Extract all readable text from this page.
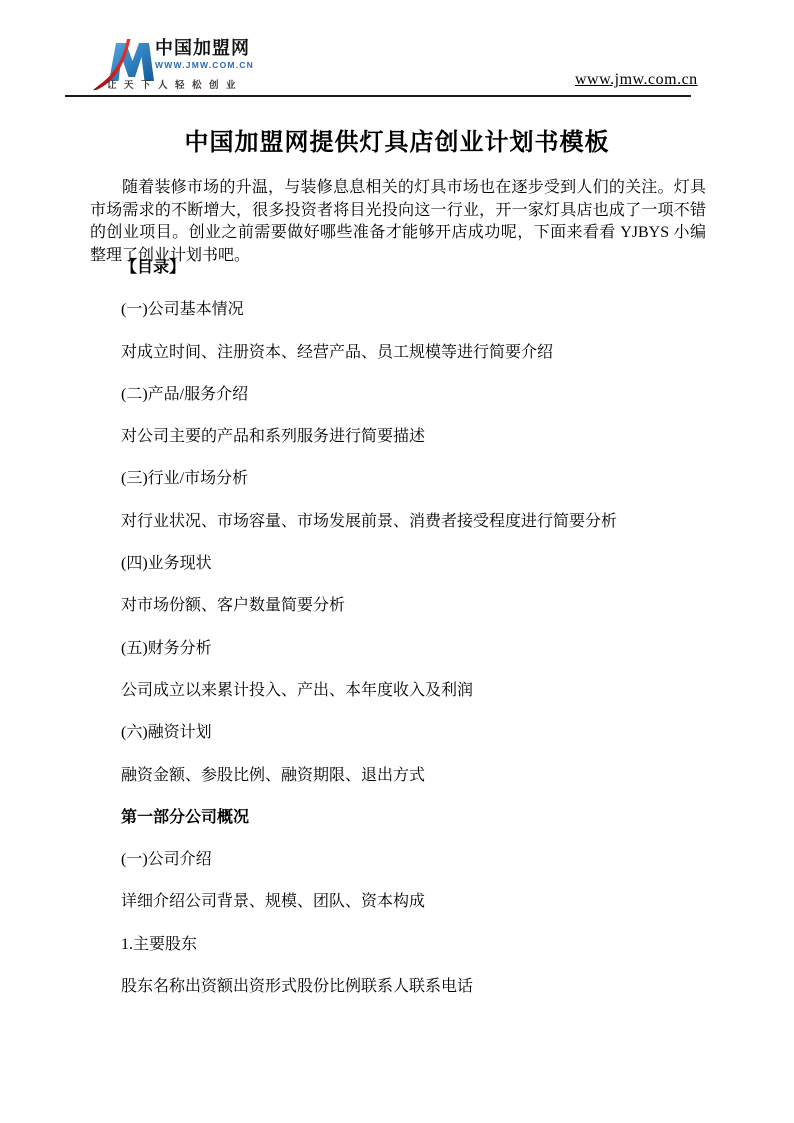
中国加盟网
WWW.JMW.COM.CN
让天下人轻松创业	www.jmw.com.cn
中国加盟网提供灯具店创业计划书模板

随着装修市场的升温，与装修息息相关的灯具市场也在逐步受到人们的关注。灯具市场需求的不断增大，很多投资者将目光投向这一行业，开一家灯具店也成了一项不错的创业项目。创业之前需要做好哪些准备才能够开店成功呢，下面来看看 YJBYS 小编整理了创业计划书吧。

【目录】

(一)公司基本情况

对成立时间、注册资本、经营产品、员工规模等进行简要介绍

(二)产品/服务介绍

对公司主要的产品和系列服务进行简要描述

(三)行业/市场分析

对行业状况、市场容量、市场发展前景、消费者接受程度进行简要分析

(四)业务现状

对市场份额、客户数量简要分析

(五)财务分析

公司成立以来累计投入、产出、本年度收入及利润

(六)融资计划

融资金额、参股比例、融资期限、退出方式

第一部分公司概况

(一)公司介绍

详细介绍公司背景、规模、团队、资本构成

1.主要股东

股东名称出资额出资形式股份比例联系人联系电话
